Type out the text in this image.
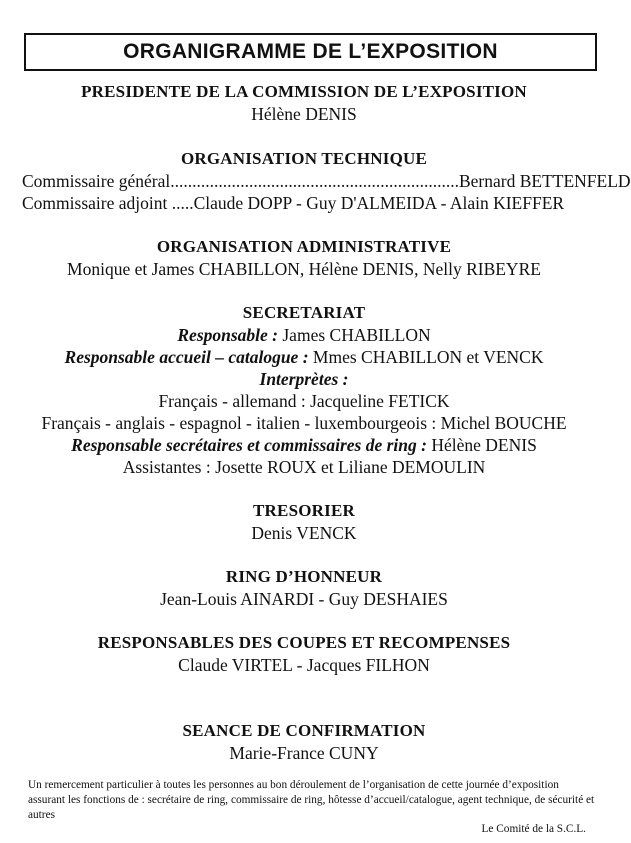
ORGANIGRAMME DE L’EXPOSITION
PRESIDENTE DE LA COMMISSION DE L’EXPOSITION
Hélène DENIS
ORGANISATION TECHNIQUE
Commissaire général .................................................................. Bernard BETTENFELD
Commissaire adjoint ..... Claude DOPP - Guy D'ALMEIDA - Alain KIEFFER
ORGANISATION ADMINISTRATIVE
Monique et James CHABILLON, Hélène DENIS, Nelly RIBEYRE
SECRETARIAT
Responsable : James CHABILLON
Responsable accueil – catalogue : Mmes CHABILLON et VENCK
Interprètes :
Français - allemand : Jacqueline FETICK
Français - anglais - espagnol - italien - luxembourgeois : Michel BOUCHE
Responsable secrétaires et commissaires de ring : Hélène DENIS
Assistantes : Josette ROUX et Liliane DEMOULIN
TRESORIER
Denis VENCK
RING D’HONNEUR
Jean-Louis AINARDI - Guy DESHAIES
RESPONSABLES DES COUPES ET RECOMPENSES
Claude VIRTEL - Jacques FILHON
SEANCE DE CONFIRMATION
Marie-France CUNY
Un remercement particulier à toutes les personnes au bon déroulement de l’organisation de cette journée d’exposition assurant les fonctions de : secrétaire de ring, commissaire de ring, hôtesse d’accueil/catalogue, agent technique, de sécurité et autres
Le Comité de la S.C.L.
